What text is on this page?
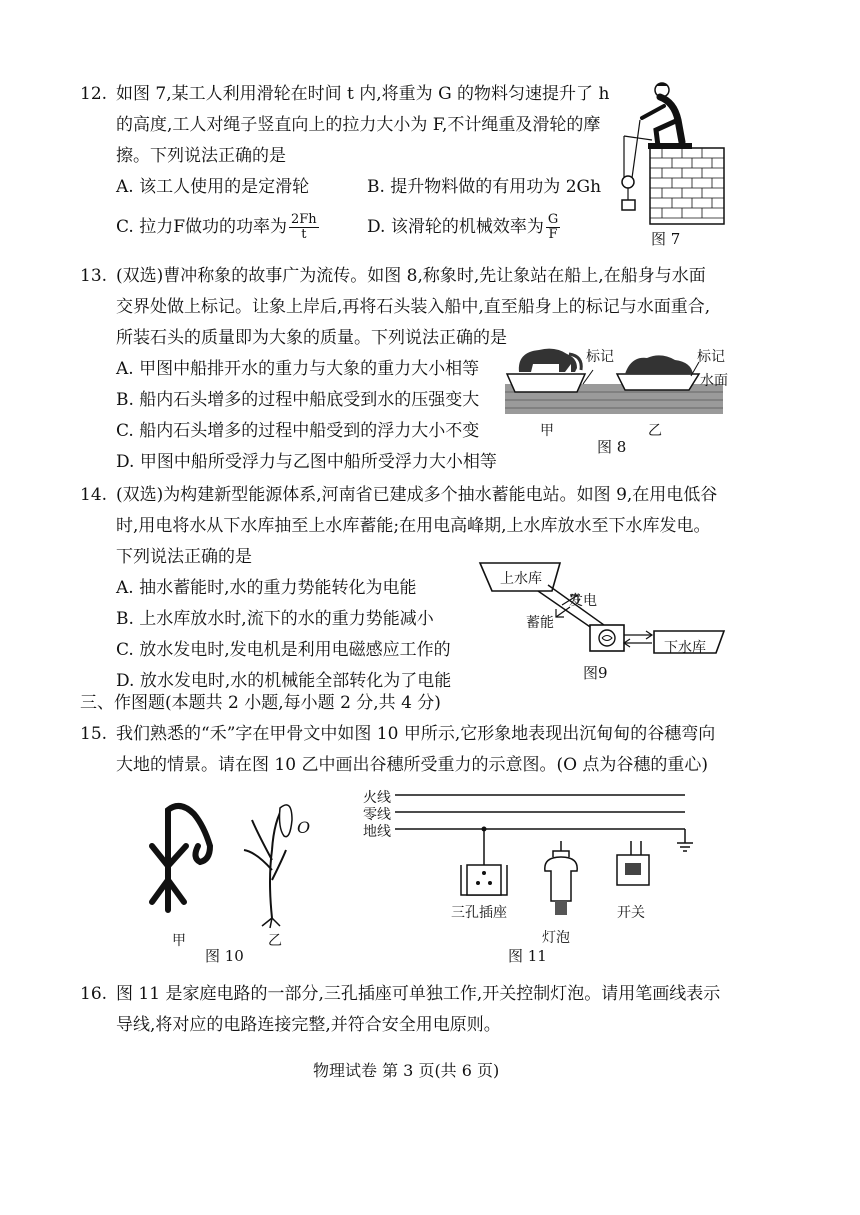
12. 如图 7,某工人利用滑轮在时间 t 内,将重为 G 的物料匀速提升了 h
的高度,工人对绳子竖直向上的拉力大小为 F,不计绳重及滑轮的摩
擦。下列说法正确的是
A. 该工人使用的是定滑轮	B. 提升物料做的有用功为 2Gh
C. 拉力F做功的功率为 $\frac{2Fh}{t}$	D. 该滑轮的机械效率为 $\frac{G}{F}$	图 7
13. (双选)曹冲称象的故事广为流传。如图 8,称象时,先让象站在船上,在船身与水面
交界处做上标记。让象上岸后,再将石头装入船中,直至船身上的标记与水面重合,
所装石头的质量即为大象的质量。下列说法正确的是
A. 甲图中船排开水的重力与大象的重力大小相等
B. 船内石头增多的过程中船底受到水的压强变大
C. 船内石头增多的过程中船受到的浮力大小不变
D. 甲图中船所受浮力与乙图中船所受浮力大小相等
标记	标记
水面
甲	乙
图 8
14. (双选)为构建新型能源体系,河南省已建成多个抽水蓄能电站。如图 9,在用电低谷
时,用电将水从下水库抽至上水库蓄能;在用电高峰期,上水库放水至下水库发电。
下列说法正确的是
A. 抽水蓄能时,水的重力势能转化为电能
B. 上水库放水时,流下的水的重力势能减小
C. 放水发电时,发电机是利用电磁感应工作的
D. 放水发电时,水的机械能全部转化为了电能
上水库
发电
蓄能
下水库
图9
三、作图题(本题共 2 小题,每小题 2 分,共 4 分)
15. 我们熟悉的“禾”字在甲骨文中如图 10 甲所示,它形象地表现出沉甸甸的谷穗弯向
大地的情景。请在图 10 乙中画出谷穗所受重力的示意图。(O 点为谷穗的重心)
O
甲	乙
图 10
火线
零线
地线
三孔插座
灯泡
开关
图 11
16. 图 11 是家庭电路的一部分,三孔插座可单独工作,开关控制灯泡。请用笔画线表示
导线,将对应的电路连接完整,并符合安全用电原则。
物理试卷 第 3 页(共 6 页)
